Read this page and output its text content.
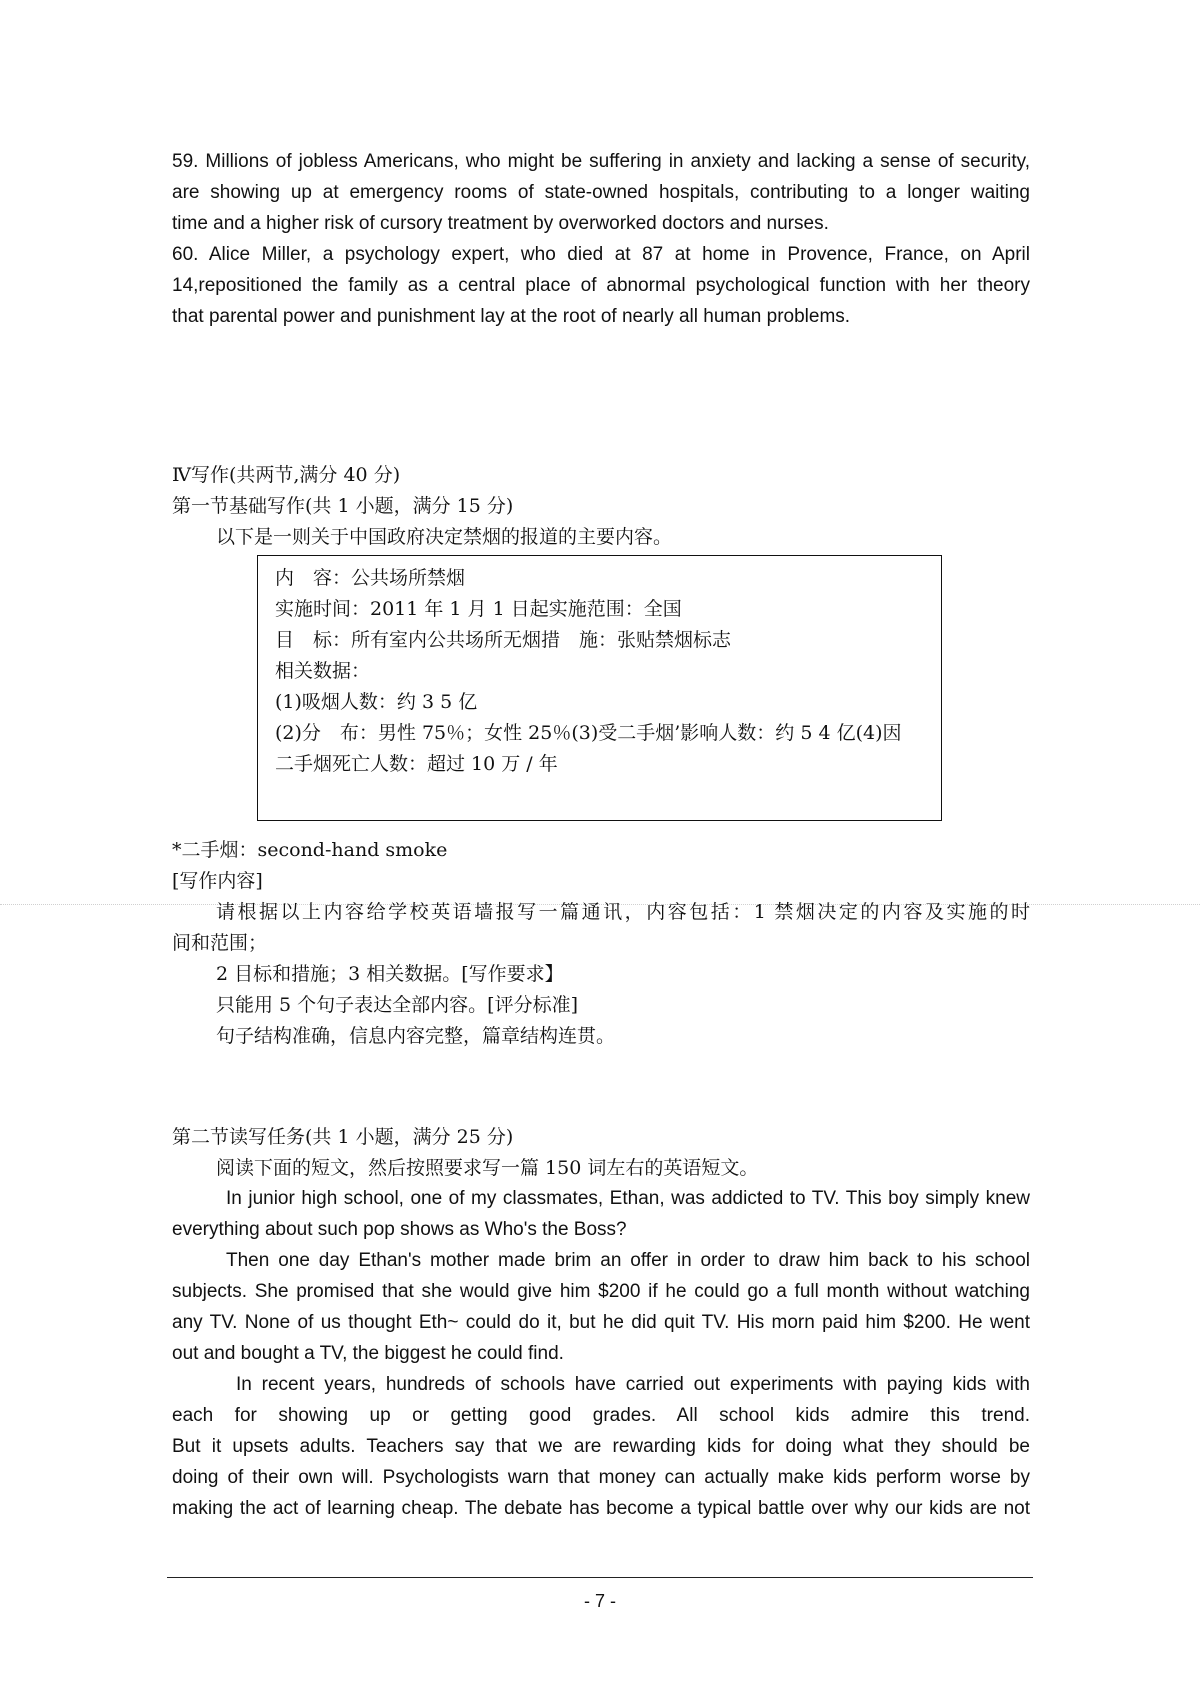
59. Millions of jobless Americans, who might be suffering in anxiety and lacking a sense of security,
are showing up at emergency rooms of state-owned hospitals, contributing to a longer waiting
time and a higher risk of cursory treatment by overworked doctors and nurses.
60. Alice Miller, a psychology expert, who died at 87 at home in Provence, France, on April
14,repositioned the family as a central place of abnormal psychological function with her theory
that parental power and punishment lay at the root of nearly all human problems.
Ⅳ写作(共两节,满分 40 分)
第一节基础写作(共 1 小题，满分 15 分)
以下是一则关于中国政府决定禁烟的报道的主要内容。
内　容：公共场所禁烟
实施时间：2011 年 1 月 1 日起实施范围：全国
目　标：所有室内公共场所无烟措　施：张贴禁烟标志
相关数据：
(1)吸烟人数：约 3 5 亿
(2)分　布：男性 75％；女性 25％(3)受二手烟’影响人数：约 5 4 亿(4)因
二手烟死亡人数：超过 10 万 / 年
*二手烟：second-hand smoke
[写作内容]
请根据以上内容给学校英语墙报写一篇通讯，内容包括：1 禁烟决定的内容及实施的时
间和范围；
2 目标和措施；3 相关数据。[写作要求】
只能用 5 个句子表达全部内容。[评分标准]
句子结构准确，信息内容完整，篇章结构连贯。
第二节读写任务(共 1 小题，满分 25 分)
阅读下面的短文，然后按照要求写一篇 150 词左右的英语短文。
In junior high school, one of my classmates, Ethan, was addicted to TV. This boy simply knew
everything about such pop shows as Who's the Boss?
Then one day Ethan's mother made brim an offer in order to draw him back to his school
subjects. She promised that she would give him $200 if he could go a full month without watching
any TV. None of us thought Eth~ could do it, but he did quit TV. His morn paid him $200. He went
out and bought a TV, the biggest he could find.
In recent years, hundreds of schools have carried out experiments with paying kids with
each for showing up or getting good grades. All school kids admire this trend.
But it upsets adults. Teachers say that we are rewarding kids for doing what they should be
doing of their own will. Psychologists warn that money can actually make kids perform worse by
making the act of learning cheap. The debate has become a typical battle over why our kids are not
- 7 -
